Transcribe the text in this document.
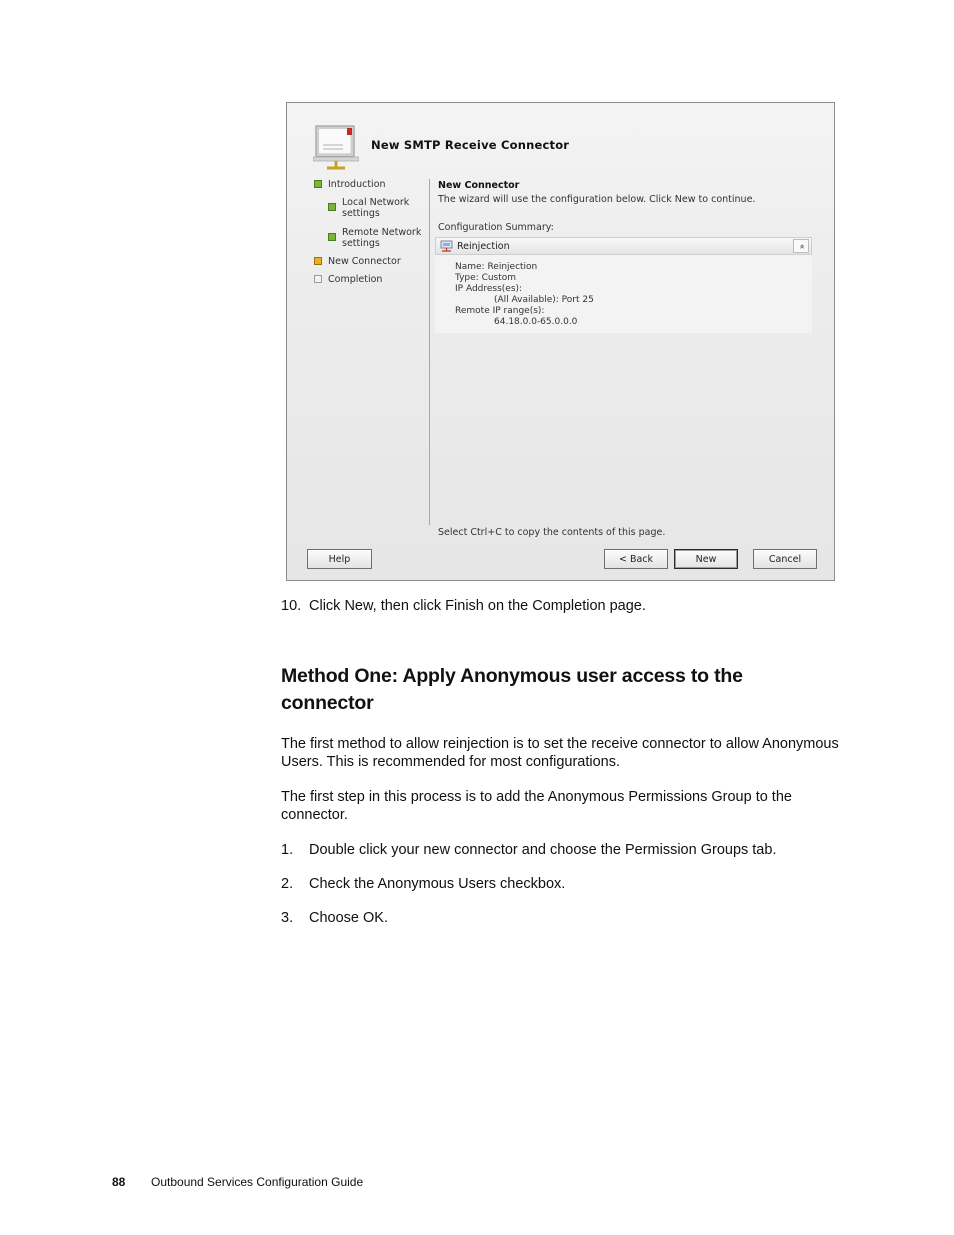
New SMTP Receive Connector
Introduction
Local Network
settings
Remote Network
settings
New Connector
Completion
New Connector
The wizard will use the configuration below. Click New to continue.
Configuration Summary:
Reinjection	«
Name: Reinjection
Type: Custom
IP Address(es):
(All Available): Port 25
Remote IP range(s):
64.18.0.0-65.0.0.0
Select Ctrl+C to copy the contents of this page.
Help	< Back	New	Cancel
10. Click New, then click Finish on the Completion page.
Method One: Apply Anonymous user access to the connector
The first method to allow reinjection is to set the receive connector to allow Anonymous Users. This is recommended for most configurations.
The first step in this process is to add the Anonymous Permissions Group to the connector.
1. Double click your new connector and choose the Permission Groups tab.
2. Check the Anonymous Users checkbox.
3. Choose OK.
88 Outbound Services Configuration Guide
